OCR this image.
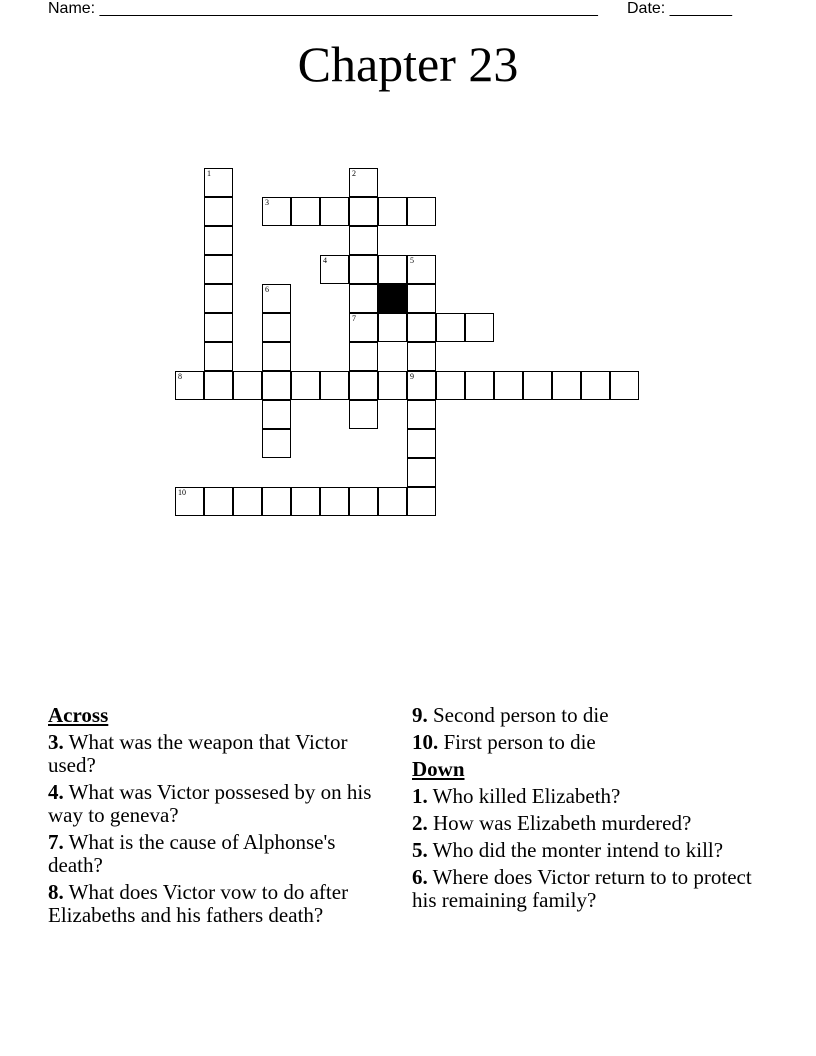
Name: ________________________________________________________ Date: _______
Chapter 23
1	2
7
3
4	5
9
6
8
10
Across
3. What was the weapon that Victor used?
4. What was Victor possesed by on his way to geneva?
7. What is the cause of Alphonse's death?
8. What does Victor vow to do after Elizabeths and his fathers death?
9. Second person to die
10. First person to die
Down
1. Who killed Elizabeth?
2. How was Elizabeth murdered?
5. Who did the monter intend to kill?
6. Where does Victor return to to protect his remaining family?
